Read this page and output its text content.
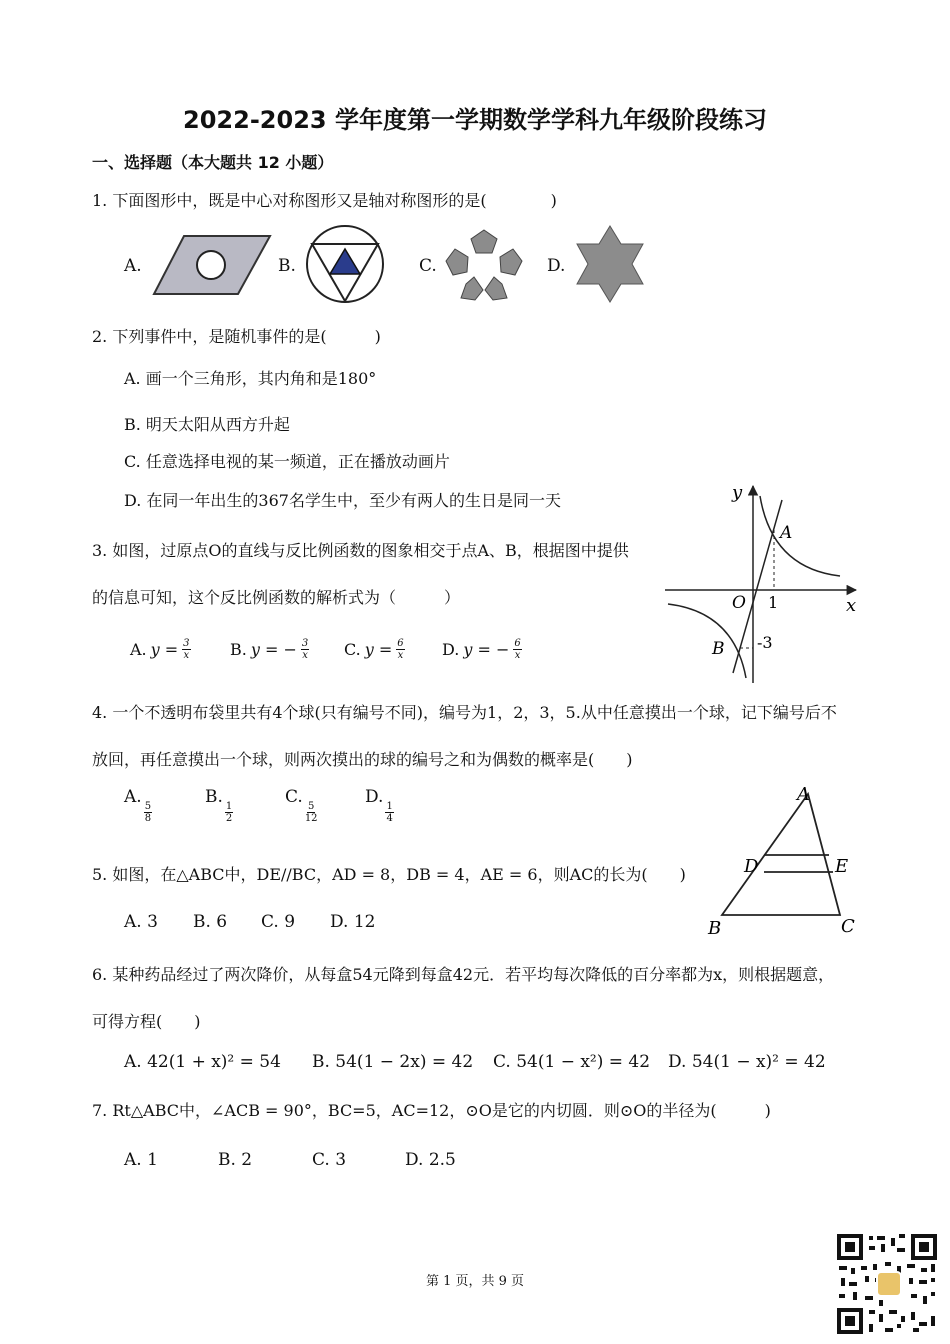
2022-2023 学年度第一学期数学学科九年级阶段练习
一、选择题（本大题共 12 小题）
1. 下面图形中，既是中心对称图形又是轴对称图形的是(　　　　)
A.	B.	C.	D.
2. 下列事件中，是随机事件的是(　　　)
A. 画一个三角形，其内角和是180°
B. 明天太阳从西方升起
C. 任意选择电视的某一频道，正在播放动画片
D. 在同一年出生的367名学生中，至少有两人的生日是同一天
3. 如图，过原点O的直线与反比例函数的图象相交于点A、B，根据图中提供
的信息可知，这个反比例函数的解析式为（　　　）
A. $y = \frac{3}{x} B$. y = − $\frac{3}{x} C$. $y = \frac{6}{x} D$. y = − $\frac{6}{x}$
y
x
O
A
B
1
-3
4. 一个不透明布袋里共有4个球(只有编号不同)，编号为1，2，3，5.从中任意摸出一个球，记下编号后不
放回，再任意摸出一个球，则两次摸出的球的编号之和为偶数的概率是(　　)
A.
$\frac{5}{8}$
B.
$\frac{1}{2}$
C.
$\frac{5}{12}$
D.
$\frac{1}{4}$
5. 如图，在△ABC中，DE//BC，AD = 8，DB = 4，AE = 6，则AC的长为(　　)
A. 3 B. 6 C. 9 D. 12
A
D	E
B	C
6. 某种药品经过了两次降价，从每盒54元降到每盒42元．若平均每次降低的百分率都为x，则根据题意，
可得方程(　　)
A. 42(1 + x)² = 54 B. 54(1 − 2x) = 42 C. 54(1 − x²) = 42 D. 54(1 − x)² = 42
7. Rt△ABC中，∠ACB = 90°，BC=5，AC=12，⊙O是它的内切圆．则⊙O的半径为(　　　)
A. 1	B. 2	C. 3	D. 2.5
第 1 页，共 9 页
